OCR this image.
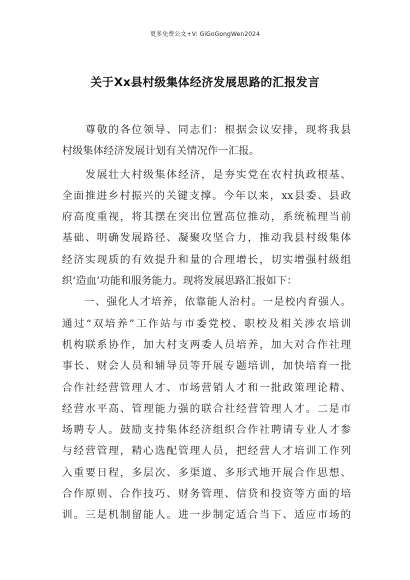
更多免费公文+V: GiGoGongWen2024
关于Xx县村级集体经济发展思路的汇报发言
　　尊敬的各位领导、同志们：根据会议安排，现将我县
村级集体经济发展计划有关情况作一汇报。
　　发展壮大村级集体经济，是夯实党在农村执政根基、
全面推进乡村振兴的关键支撑。今年以来，xx县委、县政
府高度重视，将其摆在突出位置高位推动，系统梳理当前
基础、明确发展路径、凝聚攻坚合力，推动我县村级集体
经济实现质的有效提升和量的合理增长，切实增强村级组
织‘造血’功能和服务能力。现将发展思路汇报如下：
　　一、强化人才培养，依靠能人治村。一是校内育强人。
通过“双培养”工作站与市委党校、职校及相关涉农培训
机构联系协作，加大村支两委人员培养，加大对合作社理
事长、财会人员和辅导员等开展专题培训，加快培育一批
合作社经营管理人才、市场营销人才和一批政策理论精、
经营水平高、管理能力强的联合社经营管理人才。二是市
场聘专人。鼓励支持集体经济组织合作社聘请专业人才参
与经营管理，精心选配管理人员，把经营人才培训工作列
入重要日程，多层次、多渠道、多形式地开展合作思想、
合作原则、合作技巧、财务管理、信贷和投资等方面的培
训。三是机制留能人。进一步制定适合当下、适应市场的
